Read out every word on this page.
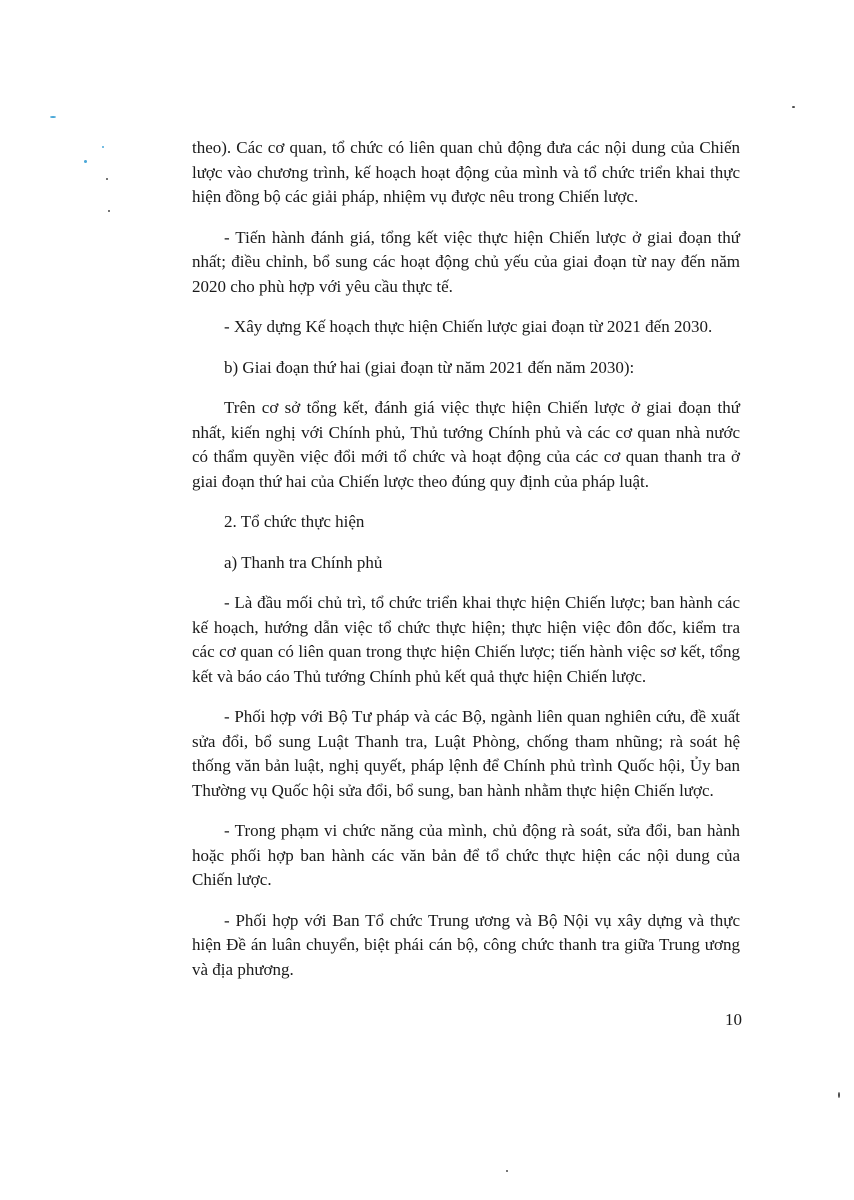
theo). Các cơ quan, tổ chức có liên quan chủ động đưa các nội dung của Chiến lược vào chương trình, kế hoạch hoạt động của mình và tổ chức triển khai thực hiện đồng bộ các giải pháp, nhiệm vụ được nêu trong Chiến lược.

- Tiến hành đánh giá, tổng kết việc thực hiện Chiến lược ở giai đoạn thứ nhất; điều chỉnh, bổ sung các hoạt động chủ yếu của giai đoạn từ nay đến năm 2020 cho phù hợp với yêu cầu thực tế.

- Xây dựng Kế hoạch thực hiện Chiến lược giai đoạn từ 2021 đến 2030.

b) Giai đoạn thứ hai (giai đoạn từ năm 2021 đến năm 2030):

Trên cơ sở tổng kết, đánh giá việc thực hiện Chiến lược ở giai đoạn thứ nhất, kiến nghị với Chính phủ, Thủ tướng Chính phủ và các cơ quan nhà nước có thẩm quyền việc đổi mới tổ chức và hoạt động của các cơ quan thanh tra ở giai đoạn thứ hai của Chiến lược theo đúng quy định của pháp luật.

2. Tổ chức thực hiện

a) Thanh tra Chính phủ

- Là đầu mối chủ trì, tổ chức triển khai thực hiện Chiến lược; ban hành các kế hoạch, hướng dẫn việc tổ chức thực hiện; thực hiện việc đôn đốc, kiểm tra các cơ quan có liên quan trong thực hiện Chiến lược; tiến hành việc sơ kết, tổng kết và báo cáo Thủ tướng Chính phủ kết quả thực hiện Chiến lược.

- Phối hợp với Bộ Tư pháp và các Bộ, ngành liên quan nghiên cứu, đề xuất sửa đổi, bổ sung Luật Thanh tra, Luật Phòng, chống tham nhũng; rà soát hệ thống văn bản luật, nghị quyết, pháp lệnh để Chính phủ trình Quốc hội, Ủy ban Thường vụ Quốc hội sửa đổi, bổ sung, ban hành nhằm thực hiện Chiến lược.

- Trong phạm vi chức năng của mình, chủ động rà soát, sửa đổi, ban hành hoặc phối hợp ban hành các văn bản để tổ chức thực hiện các nội dung của Chiến lược.

- Phối hợp với Ban Tổ chức Trung ương và Bộ Nội vụ xây dựng và thực hiện Đề án luân chuyển, biệt phái cán bộ, công chức thanh tra giữa Trung ương và địa phương.

10
